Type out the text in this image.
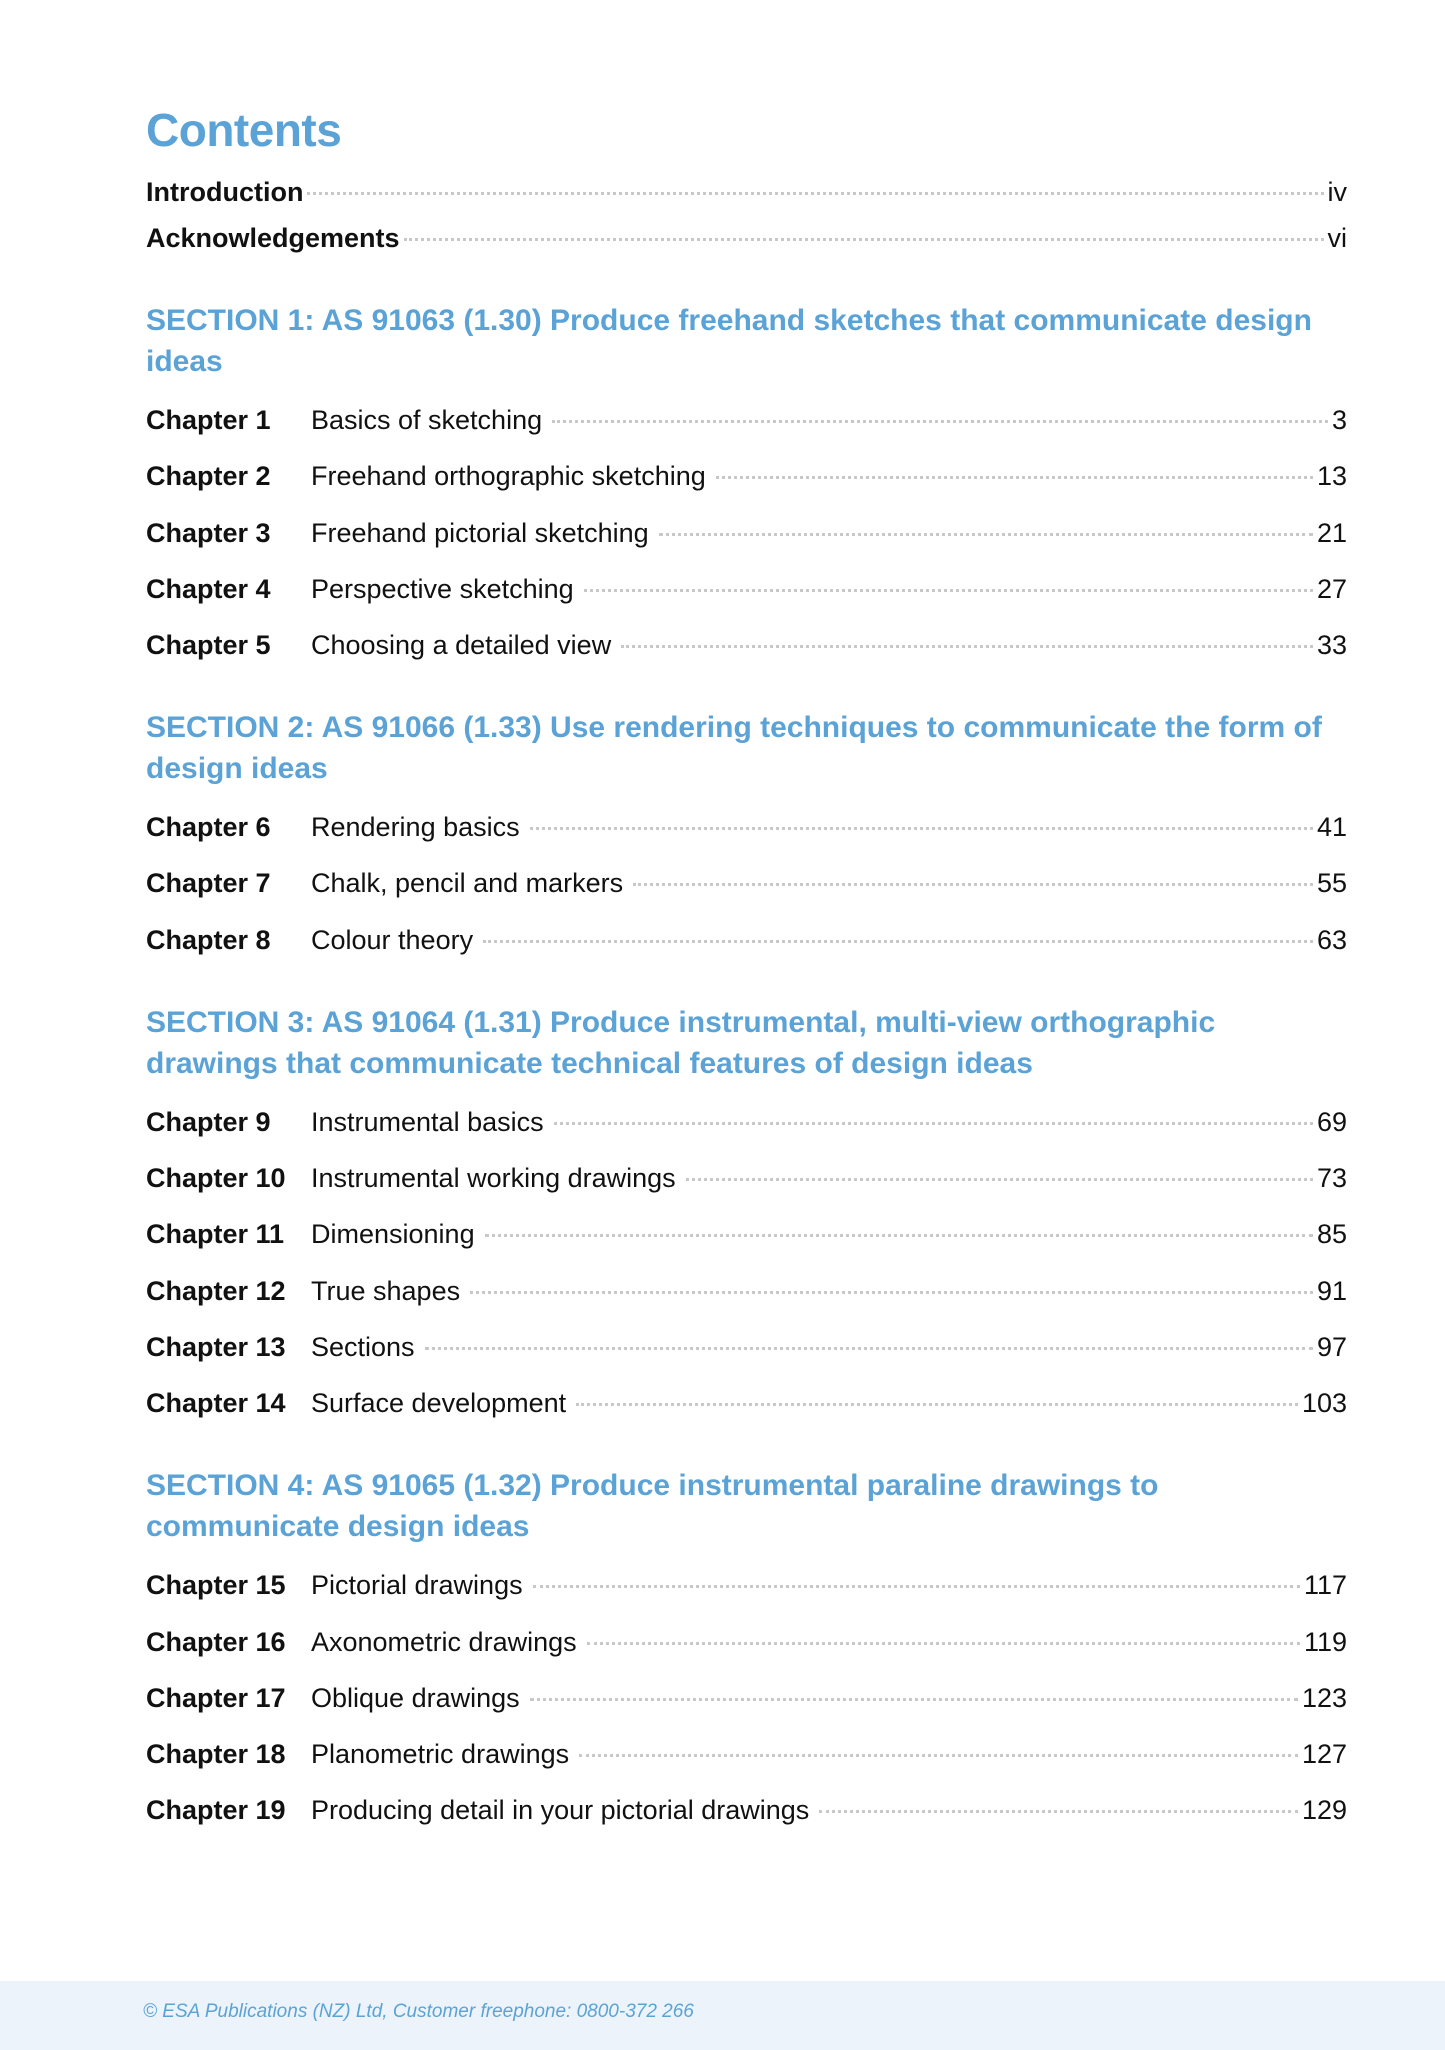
Contents
Introduction	iv
Acknowledgements	vi
SECTION 1: AS 91063 (1.30) Produce freehand sketches that communicate design ideas
Chapter 1	Basics of sketching	3
Chapter 2	Freehand orthographic sketching	13
Chapter 3	Freehand pictorial sketching	21
Chapter 4	Perspective sketching	27
Chapter 5	Choosing a detailed view	33
SECTION 2: AS 91066 (1.33) Use rendering techniques to communicate the form of design ideas
Chapter 6	Rendering basics	41
Chapter 7	Chalk, pencil and markers	55
Chapter 8	Colour theory	63
SECTION 3: AS 91064 (1.31) Produce instrumental, multi-view orthographic drawings that communicate technical features of design ideas
Chapter 9	Instrumental basics	69
Chapter 10 Instrumental working drawings	73
Chapter 11 Dimensioning	85
Chapter 12 True shapes	91
Chapter 13 Sections	97
Chapter 14 Surface development	103
SECTION 4: AS 91065 (1.32) Produce instrumental paraline drawings to communicate design ideas
Chapter 15 Pictorial drawings	117
Chapter 16 Axonometric drawings	119
Chapter 17 Oblique drawings	123
Chapter 18 Planometric drawings	127
Chapter 19 Producing detail in your pictorial drawings	129
© ESA Publications (NZ) Ltd, Customer freephone: 0800-372 266
